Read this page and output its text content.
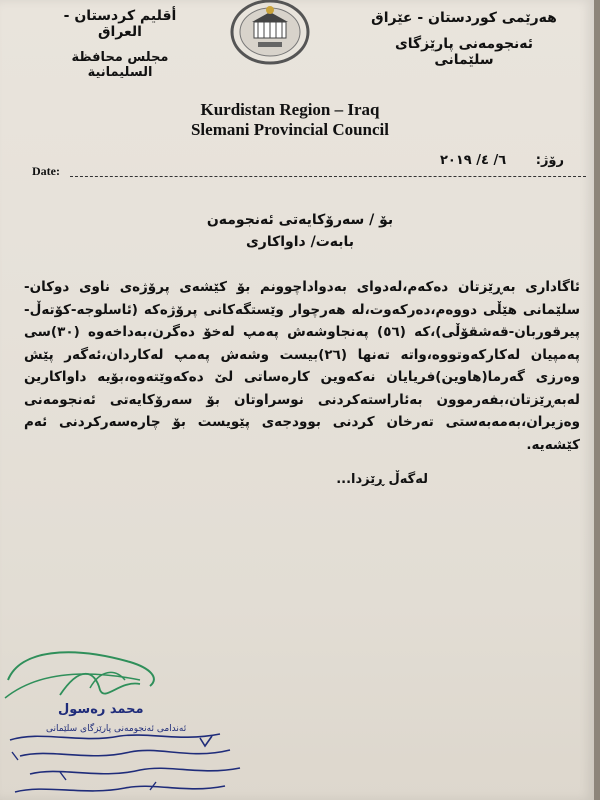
أقليم كردستان - العراق
مجلس محافظة السليمانية
هەرێمی کوردستان - عێراق
ئەنجومەنی پارێزگای سلێمانی
Kurdistan Region – Iraq
Slemani Provincial Council
Date:
٦/ ٤/ ٢٠١٩ رۆژ:
بۆ / سەرۆکایەتی ئەنجومەن
بابەت/ داواکاری
ئاگاداری بەڕێزتان دەکەم،لەدوای بەدواداچوونم بۆ کێشەی پرۆژەی ناوی دوکان-سلێمانی هێڵی دووەم،دەرکەوت،لە هەرچوار وێستگەکانی پرۆژەکە (ئاسلوجە-کۆتەڵ-پیرقوربان-قەشقۆڵی)،کە (٥٦) پەنجاوشەش پەمپ لەخۆ دەگرن،بەداخەوە (٣٠)سی پەمپیان لەکارکەوتووە،واتە تەنها (٢٦)بیست وشەش پەمپ لەکاردان،ئەگەر پێش وەرزی گەرما(هاوین)فریایان نەکەوین کارەساتی لێ دەکەوێتەوە،بۆیە داواکارین لەبەڕێزتان،بفەرموون بەئاراستەکردنی نوسراوتان بۆ سەرۆکایەتی ئەنجومەنی وەزیران،بەمەبەستی تەرخان کردنی بوودجەی پێویست بۆ چارەسەرکردنی ئەم کێشەیە.
لەگەڵ ڕێزدا...
محمد رەسول
ئەندامی ئەنجومەنی پارێزگای سلێمانی
